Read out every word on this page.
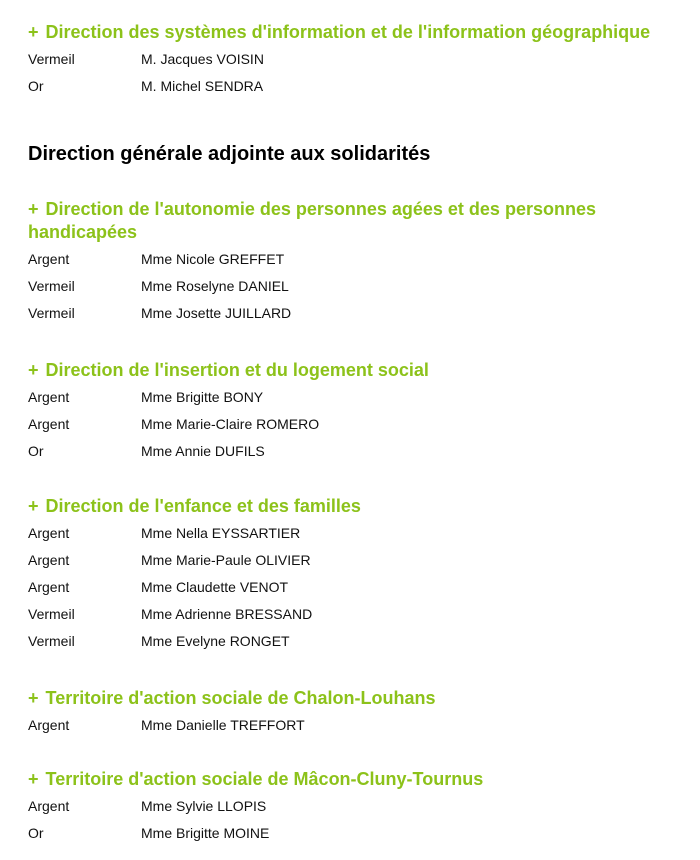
+ Direction des systèmes d'information et de l'information géographique
Vermeil	M. Jacques VOISIN
Or	M. Michel SENDRA
Direction générale adjointe aux solidarités
+ Direction de l'autonomie des personnes agées et des personnes handicapées
Argent	Mme Nicole GREFFET
Vermeil	Mme Roselyne DANIEL
Vermeil	Mme Josette JUILLARD
+ Direction de l'insertion et du logement social
Argent	Mme Brigitte BONY
Argent	Mme Marie-Claire ROMERO
Or	Mme Annie DUFILS
+ Direction de l'enfance et des familles
Argent	Mme Nella EYSSARTIER
Argent	Mme Marie-Paule OLIVIER
Argent	Mme Claudette VENOT
Vermeil	Mme Adrienne BRESSAND
Vermeil	Mme Evelyne RONGET
+ Territoire d'action sociale de Chalon-Louhans
Argent	Mme Danielle TREFFORT
+ Territoire d'action sociale de Mâcon-Cluny-Tournus
Argent	Mme Sylvie LLOPIS
Or	Mme Brigitte MOINE
